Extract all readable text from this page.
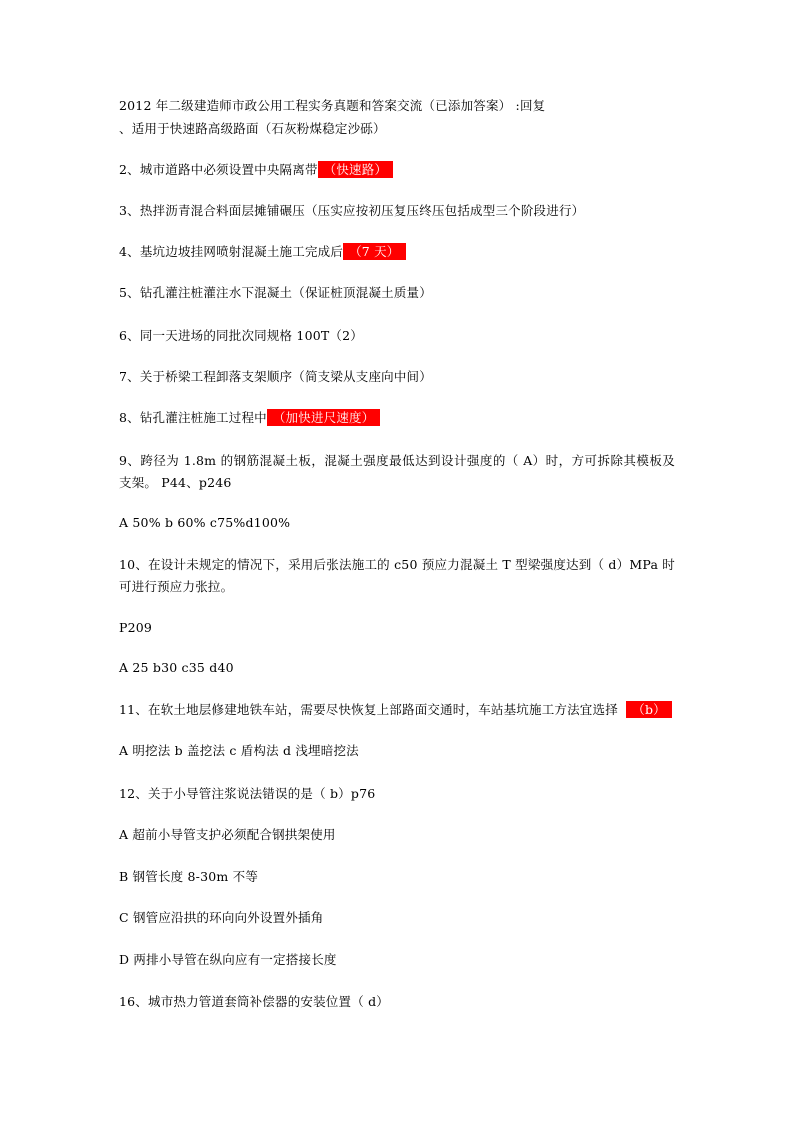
2012 年二级建造师市政公用工程实务真题和答案交流（已添加答案） :回复
、适用于快速路高级路面（石灰粉煤稳定沙砾）
2、城市道路中必须设置中央隔离带 （快速路）
3、热拌沥青混合料面层摊铺碾压（压实应按初压复压终压包括成型三个阶段进行）
4、基坑边坡挂网喷射混凝土施工完成后 （7 天）
5、钻孔灌注桩灌注水下混凝土（保证桩顶混凝土质量）
6、同一天进场的同批次同规格 100T（2）
7、关于桥梁工程卸落支架顺序（简支梁从支座向中间）
8、钻孔灌注桩施工过程中 （加快进尺速度）
9、跨径为 1.8m 的钢筋混凝土板，混凝土强度最低达到设计强度的（ A）时，方可拆除其模板及支架。 P44、p246
A 50% b 60% c75%d100%
10、在设计未规定的情况下，采用后张法施工的 c50 预应力混凝土 T 型梁强度达到（ d）MPa 时可进行预应力张拉。
P209
A 25 b30 c35 d40
11、在软土地层修建地铁车站，需要尽快恢复上部路面交通时，车站基坑施工方法宜选择 （b）
A 明挖法 b 盖挖法 c 盾构法 d 浅埋暗挖法
12、关于小导管注浆说法错误的是（ b）p76
A 超前小导管支护必须配合钢拱架使用
B 钢管长度 8-30m 不等
C 钢管应沿拱的环向向外设置外插角
D 两排小导管在纵向应有一定搭接长度
16、城市热力管道套筒补偿器的安装位置（ d）
